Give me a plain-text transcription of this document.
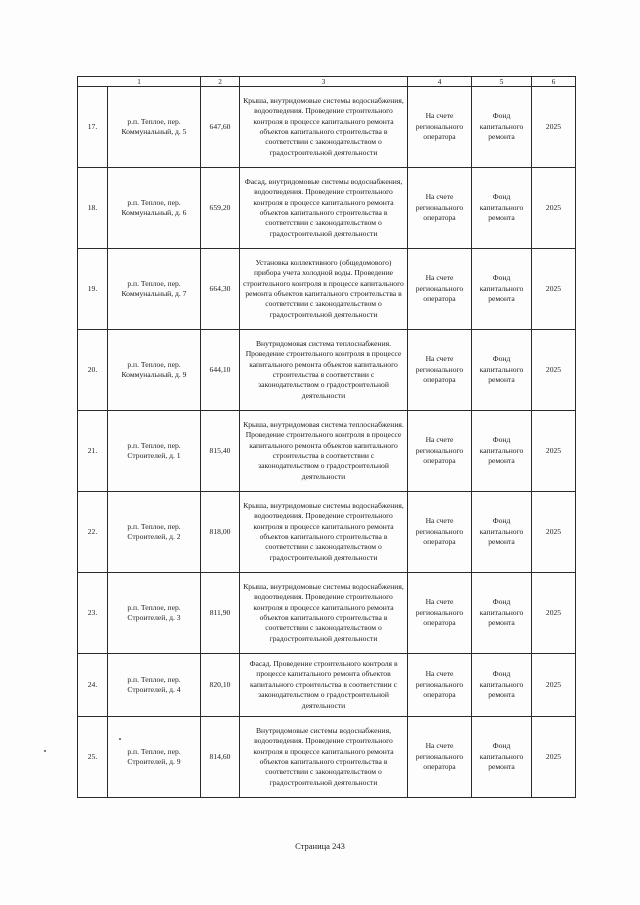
1		2	3	4	5	6
17.	р.п. Теплое, пер. Коммунальный, д. 5	647,60	Крыша, внутридомовые системы водоснабжения, водоотведения. Проведение строительного контроля в процессе капитального ремонта объектов капитального строительства в соответствии с законодательством о градостроительной деятельности	На счете регионального оператора	Фонд капитального ремонта	2025
18.	р.п. Теплое, пер. Коммунальный, д. 6	659,20	Фасад, внутридомовые системы водоснабжения, водоотведения. Проведение строительного контроля в процессе капитального ремонта объектов капитального строительства в соответствии с законодательством о градостроительной деятельности	На счете регионального оператора	Фонд капитального ремонта	2025
19.	р.п. Теплое, пер. Коммунальный, д. 7	664,30	Установка коллективного (общедомового) прибора учета холодной воды. Проведение строительного контроля в процессе капитального ремонта объектов капитального строительства в соответствии с законодательством о градостроительной деятельности	На счете регионального оператора	Фонд капитального ремонта	2025
20.	р.п. Теплое, пер. Коммунальный, д. 9	644,10	Внутридомовая система теплоснабжения. Проведение строительного контроля в процессе капитального ремонта объектов капитального строительства в соответствии с законодательством о градостроительной деятельности	На счете регионального оператора	Фонд капитального ремонта	2025
21.	р.п. Теплое, пер. Строителей, д. 1	815,40	Крыша, внутридомовая система теплоснабжения. Проведение строительного контроля в процессе капитального ремонта объектов капитального строительства в соответствии с законодательством о градостроительной деятельности	На счете регионального оператора	Фонд капитального ремонта	2025
22.	р.п. Теплое, пер. Строителей, д. 2	818,00	Крыша, внутридомовые системы водоснабжения, водоотведения. Проведение строительного контроля в процессе капитального ремонта объектов капитального строительства в соответствии с законодательством о градостроительной деятельности	На счете регионального оператора	Фонд капитального ремонта	2025
23.	р.п. Теплое, пер. Строителей, д. 3	811,90	Крыша, внутридомовые системы водоснабжения, водоотведения. Проведение строительного контроля в процессе капитального ремонта объектов капитального строительства в соответствии с законодательством о градостроительной деятельности	На счете регионального оператора	Фонд капитального ремонта	2025
24.	р.п. Теплое, пер. Строителей, д. 4	820,10	Фасад. Проведение строительного контроля в процессе капитального ремонта объектов капитального строительства в соответствии с законодательством о градостроительной деятельности	На счете регионального оператора	Фонд капитального ремонта	2025
25.	р.п. Теплое, пер. Строителей, д. 9	814,60	Внутридомовые системы водоснабжения, водоотведения. Проведение строительного контроля в процессе капитального ремонта объектов капитального строительства в соответствии с законодательством о градостроительной деятельности	На счете регионального оператора	Фонд капитального ремонта	2025
Страница 243
